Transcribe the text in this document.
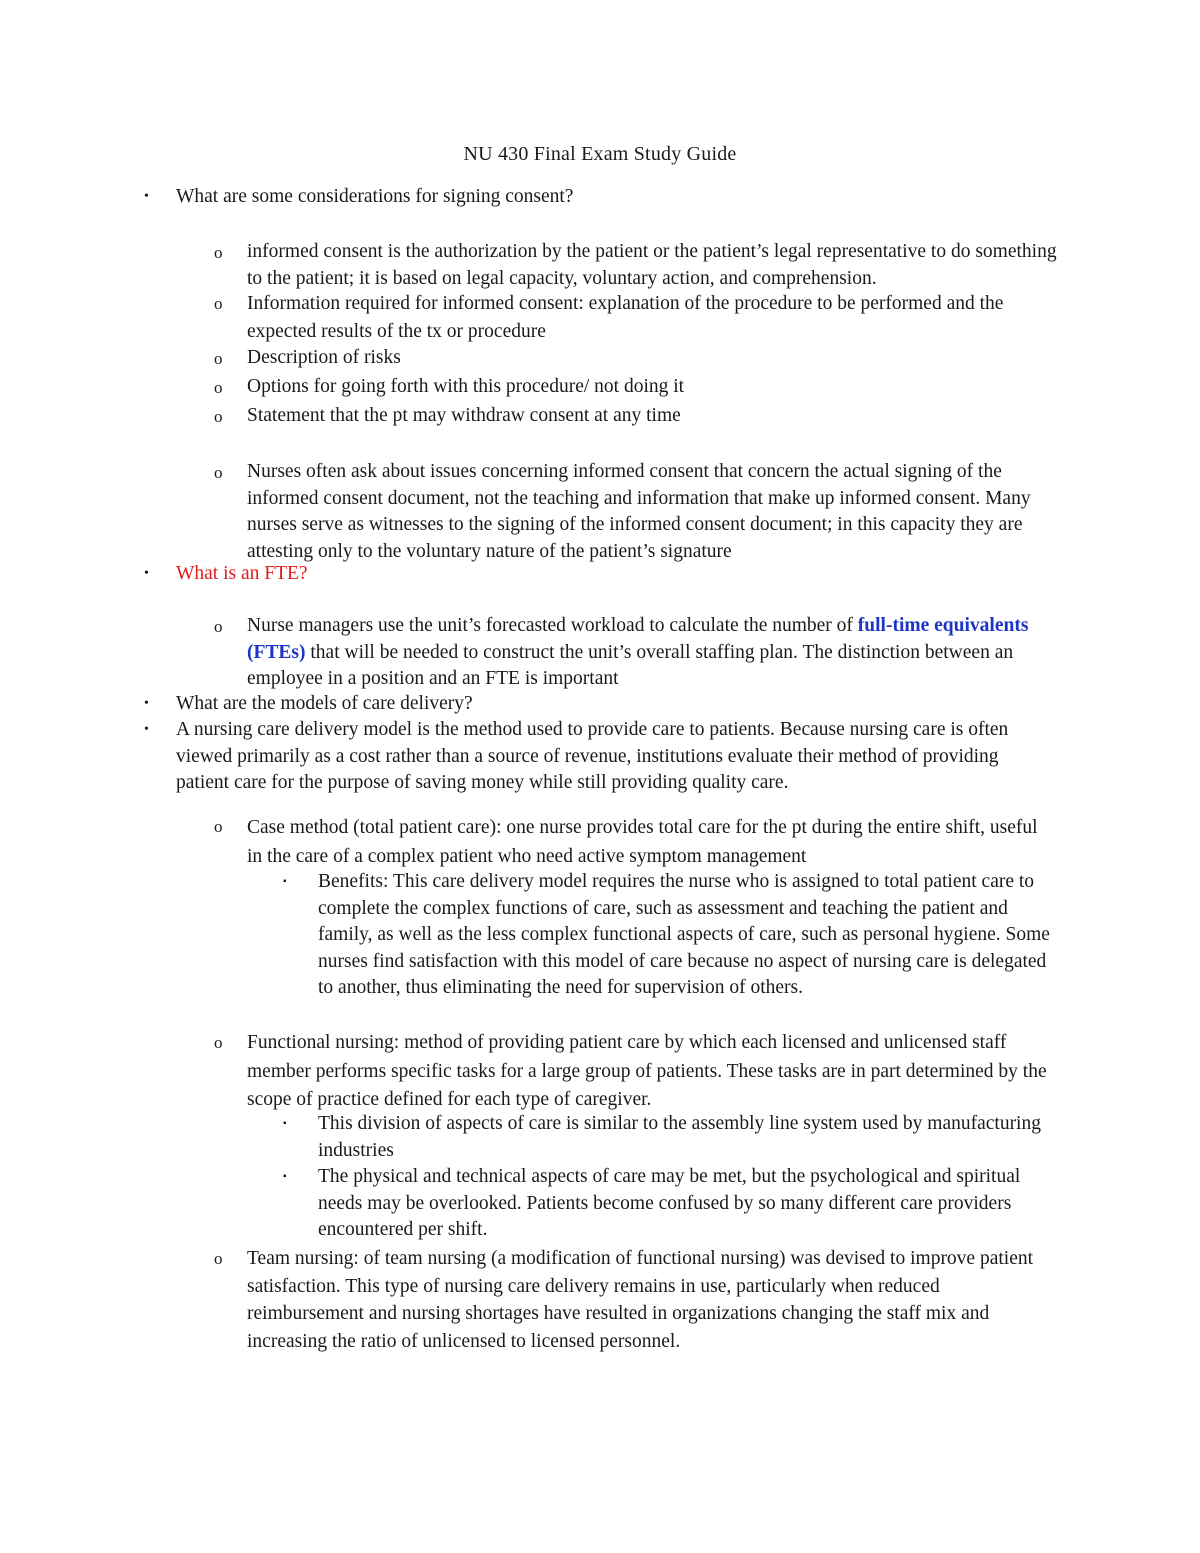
NU 430 Final Exam Study Guide
• What are some considerations for signing consent?
o informed consent is the authorization by the patient or the patient’s legal representative to do something to the patient; it is based on legal capacity, voluntary action, and comprehension.
o Information required for informed consent: explanation of the procedure to be performed and the expected results of the tx or procedure
o Description of risks
o Options for going forth with this procedure/ not doing it
o Statement that the pt may withdraw consent at any time
o Nurses often ask about issues concerning informed consent that concern the actual signing of the informed consent document, not the teaching and information that make up informed consent. Many nurses serve as witnesses to the signing of the informed consent document; in this capacity they are attesting only to the voluntary nature of the patient’s signature
• What is an FTE?
o Nurse managers use the unit’s forecasted workload to calculate the number of full-time equivalents (FTEs) that will be needed to construct the unit’s overall staffing plan. The distinction between an employee in a position and an FTE is important
• What are the models of care delivery?
• A nursing care delivery model is the method used to provide care to patients. Because nursing care is often viewed primarily as a cost rather than a source of revenue, institutions evaluate their method of providing patient care for the purpose of saving money while still providing quality care.
o Case method (total patient care): one nurse provides total care for the pt during the entire shift, useful in the care of a complex patient who need active symptom management
▪ Benefits: This care delivery model requires the nurse who is assigned to total patient care to complete the complex functions of care, such as assessment and teaching the patient and family, as well as the less complex functional aspects of care, such as personal hygiene. Some nurses find satisfaction with this model of care because no aspect of nursing care is delegated to another, thus eliminating the need for supervision of others.
o Functional nursing: method of providing patient care by which each licensed and unlicensed staff member performs specific tasks for a large group of patients. These tasks are in part determined by the scope of practice defined for each type of caregiver.
▪ This division of aspects of care is similar to the assembly line system used by manufacturing industries
▪ The physical and technical aspects of care may be met, but the psychological and spiritual needs may be overlooked. Patients become confused by so many different care providers encountered per shift.
o Team nursing: of team nursing (a modification of functional nursing) was devised to improve patient satisfaction. This type of nursing care delivery remains in use, particularly when reduced reimbursement and nursing shortages have resulted in organizations changing the staff mix and increasing the ratio of unlicensed to licensed personnel.
